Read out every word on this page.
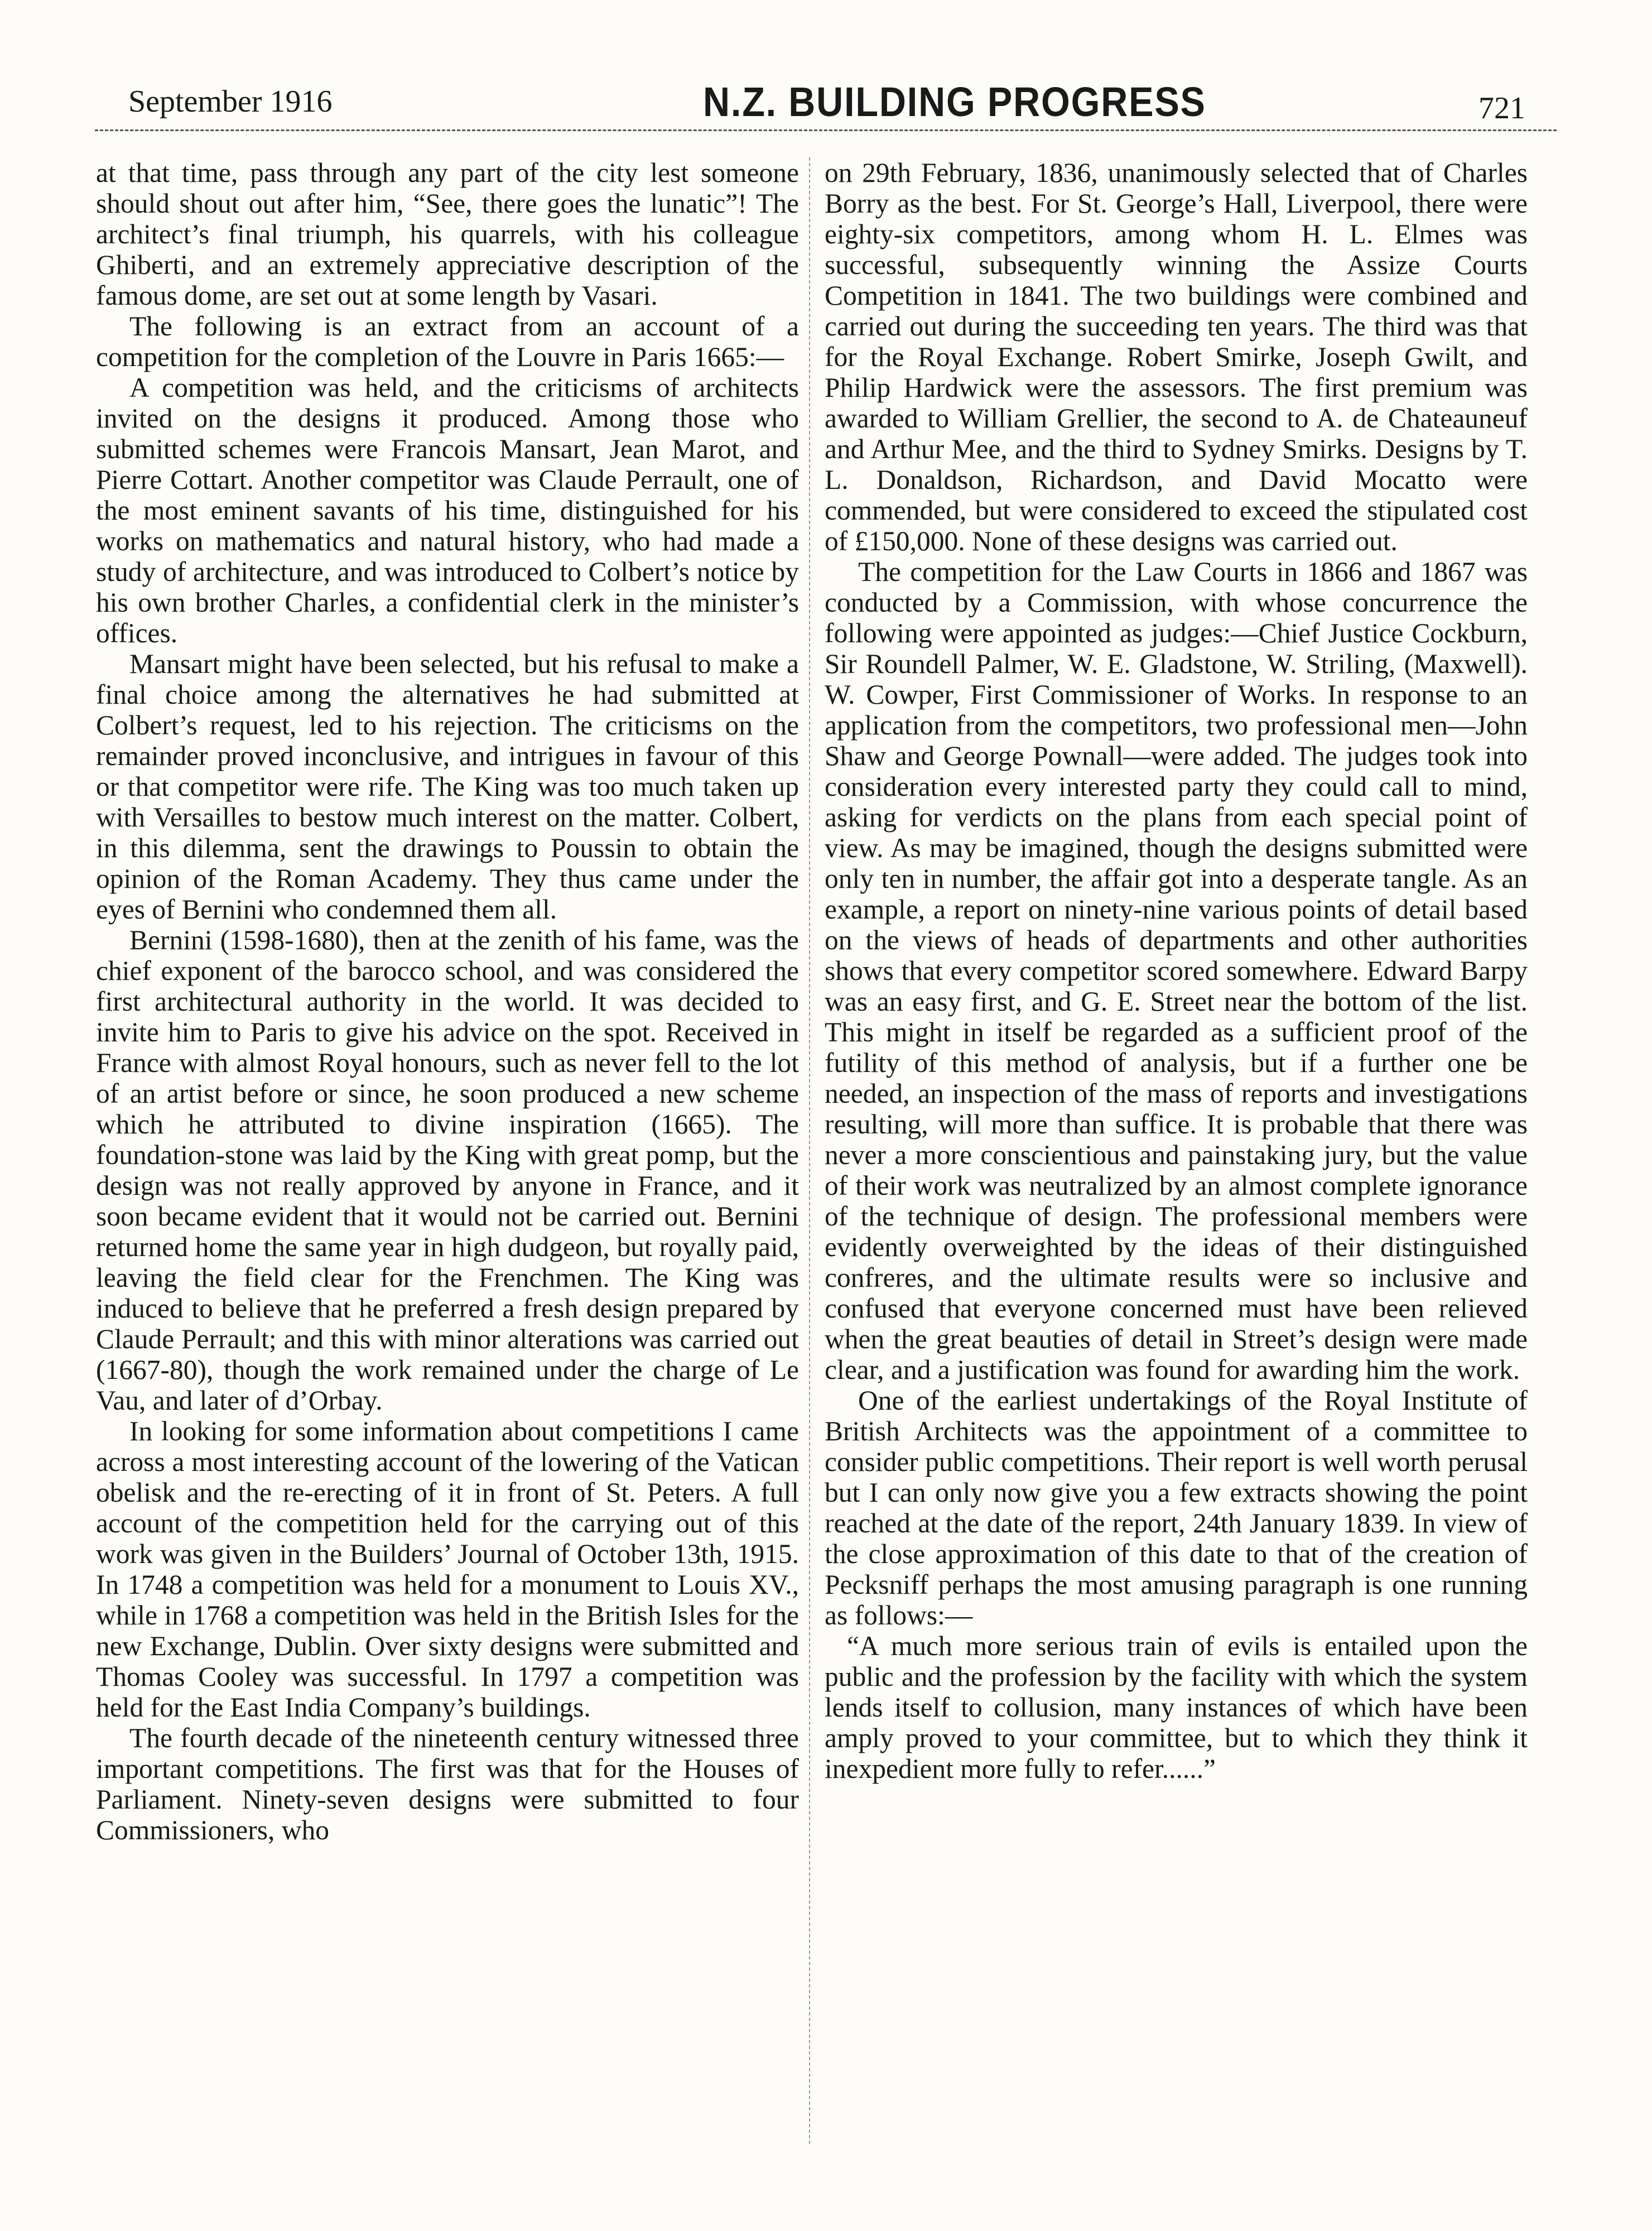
September 1916	N.Z. BUILDING PROGRESS	721

at that time, pass through any part of the city lest someone should shout out after him, “See, there goes the lunatic”! The architect’s final triumph, his quarrels, with his colleague Ghiberti, and an extremely appreciative description of the famous dome, are set out at some length by Vasari.

The following is an extract from an account of a competition for the completion of the Louvre in Paris 1665:—

A competition was held, and the criticisms of architects invited on the designs it produced. Among those who submitted schemes were Francois Mansart, Jean Marot, and Pierre Cottart. Another competitor was Claude Perrault, one of the most eminent savants of his time, distinguished for his works on mathematics and natural history, who had made a study of architecture, and was introduced to Colbert’s notice by his own brother Charles, a confidential clerk in the minister’s offices.

Mansart might have been selected, but his refusal to make a final choice among the alternatives he had submitted at Colbert’s request, led to his rejection. The criticisms on the remainder proved inconclusive, and intrigues in favour of this or that competitor were rife. The King was too much taken up with Versailles to bestow much interest on the matter. Colbert, in this dilemma, sent the drawings to Poussin to obtain the opinion of the Roman Academy. They thus came under the eyes of Bernini who condemned them all.

Bernini (1598-1680), then at the zenith of his fame, was the chief exponent of the barocco school, and was considered the first architectural authority in the world. It was decided to invite him to Paris to give his advice on the spot. Received in France with almost Royal honours, such as never fell to the lot of an artist before or since, he soon produced a new scheme which he attributed to divine inspiration (1665). The foundation-stone was laid by the King with great pomp, but the design was not really approved by anyone in France, and it soon became evident that it would not be carried out. Bernini returned home the same year in high dudgeon, but royally paid, leaving the field clear for the Frenchmen. The King was induced to believe that he preferred a fresh design prepared by Claude Perrault; and this with minor alterations was carried out (1667-80), though the work remained under the charge of Le Vau, and later of d’Orbay.

In looking for some information about competitions I came across a most interesting account of the lowering of the Vatican obelisk and the re-erecting of it in front of St. Peters. A full account of the competition held for the carrying out of this work was given in the Builders’ Journal of October 13th, 1915. In 1748 a competition was held for a monument to Louis XV., while in 1768 a competition was held in the British Isles for the new Exchange, Dublin. Over sixty designs were submitted and Thomas Cooley was successful. In 1797 a competition was held for the East India Company’s buildings.

The fourth decade of the nineteenth century witnessed three important competitions. The first was that for the Houses of Parliament. Ninety-seven designs were submitted to four Commissioners, who

on 29th February, 1836, unanimously selected that of Charles Borry as the best. For St. George’s Hall, Liverpool, there were eighty-six competitors, among whom H. L. Elmes was successful, subsequently winning the Assize Courts Competition in 1841. The two buildings were combined and carried out during the succeeding ten years. The third was that for the Royal Exchange. Robert Smirke, Joseph Gwilt, and Philip Hardwick were the assessors. The first premium was awarded to William Grellier, the second to A. de Chateauneuf and Arthur Mee, and the third to Sydney Smirks. Designs by T. L. Donaldson, Richardson, and David Mocatto were commended, but were considered to exceed the stipulated cost of £150,000. None of these designs was carried out.

The competition for the Law Courts in 1866 and 1867 was conducted by a Commission, with whose concurrence the following were appointed as judges:—Chief Justice Cockburn, Sir Roundell Palmer, W. E. Gladstone, W. Striling, (Maxwell). W. Cowper, First Commissioner of Works. In response to an application from the competitors, two professional men—John Shaw and George Pownall—were added. The judges took into consideration every interested party they could call to mind, asking for verdicts on the plans from each special point of view. As may be imagined, though the designs submitted were only ten in number, the affair got into a desperate tangle. As an example, a report on ninety-nine various points of detail based on the views of heads of departments and other authorities shows that every competitor scored somewhere. Edward Barpy was an easy first, and G. E. Street near the bottom of the list. This might in itself be regarded as a sufficient proof of the futility of this method of analysis, but if a further one be needed, an inspection of the mass of reports and investigations resulting, will more than suffice. It is probable that there was never a more conscientious and painstaking jury, but the value of their work was neutralized by an almost complete ignorance of the technique of design. The professional members were evidently overweighted by the ideas of their distinguished confreres, and the ultimate results were so inclusive and confused that everyone concerned must have been relieved when the great beauties of detail in Street’s design were made clear, and a justification was found for awarding him the work.

One of the earliest undertakings of the Royal Institute of British Architects was the appointment of a committee to consider public competitions. Their report is well worth perusal but I can only now give you a few extracts showing the point reached at the date of the report, 24th January 1839. In view of the close approximation of this date to that of the creation of Pecksniff perhaps the most amusing paragraph is one running as follows:—

“A much more serious train of evils is entailed upon the public and the profession by the facility with which the system lends itself to collusion, many instances of which have been amply proved to your committee, but to which they think it inexpedient more fully to refer......”
